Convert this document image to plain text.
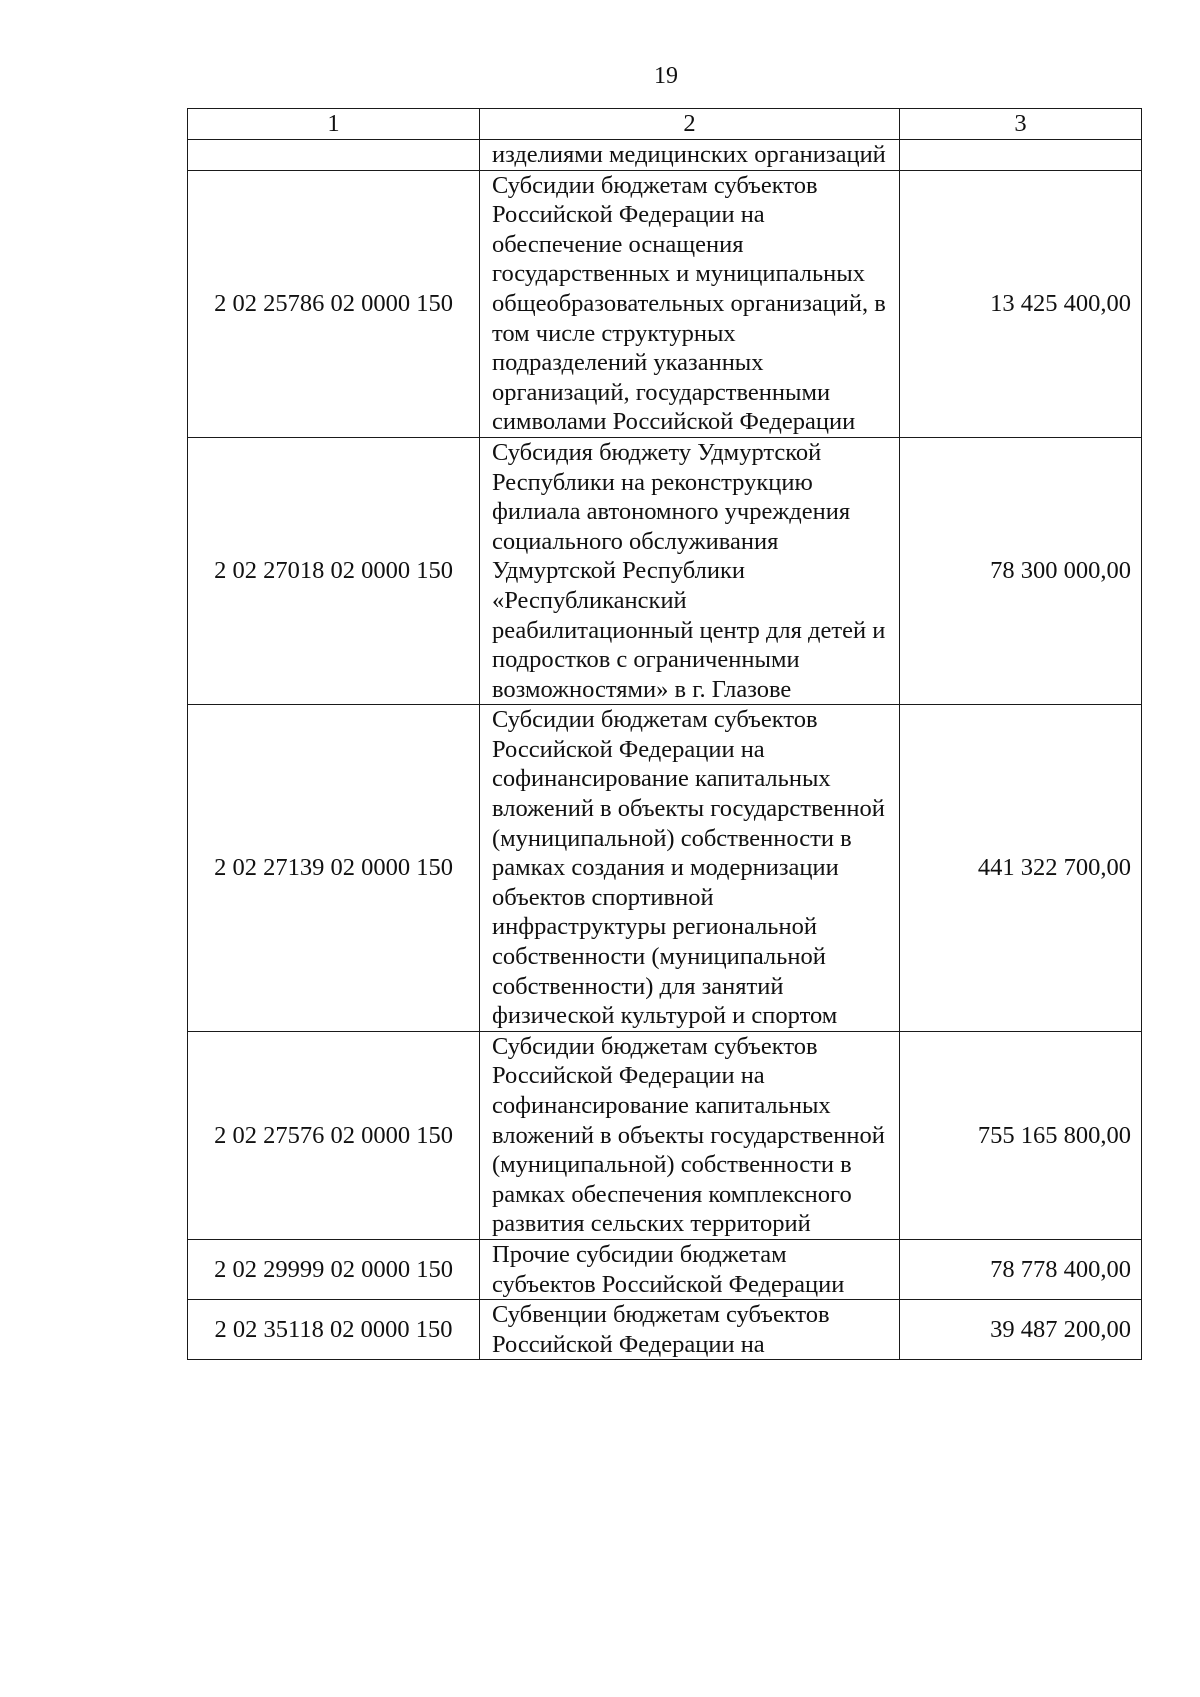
19
1	2	3
	изделиями медицинских организаций	
2 02 25786 02 0000 150	Субсидии бюджетам субъектов Российской Федерации на обеспечение оснащения государственных и муниципальных общеобразовательных организаций, в том числе структурных подразделений указанных организаций, государственными символами Российской Федерации	13 425 400,00
2 02 27018 02 0000 150	Субсидия бюджету Удмуртской Республики на реконструкцию филиала автономного учреждения социального обслуживания Удмуртской Республики «Республиканский реабилитационный центр для детей и подростков с ограниченными возможностями» в г. Глазове	78 300 000,00
2 02 27139 02 0000 150	Субсидии бюджетам субъектов Российской Федерации на софинансирование капитальных вложений в объекты государственной (муниципальной) собственности в рамках создания и модернизации объектов спортивной инфраструктуры региональной собственности (муниципальной собственности) для занятий физической культурой и спортом	441 322 700,00
2 02 27576 02 0000 150	Субсидии бюджетам субъектов Российской Федерации на софинансирование капитальных вложений в объекты государственной (муниципальной) собственности в рамках обеспечения комплексного развития сельских территорий	755 165 800,00
2 02 29999 02 0000 150	Прочие субсидии бюджетам субъектов Российской Федерации	78 778 400,00
2 02 35118 02 0000 150	Субвенции бюджетам субъектов Российской Федерации на	39 487 200,00
